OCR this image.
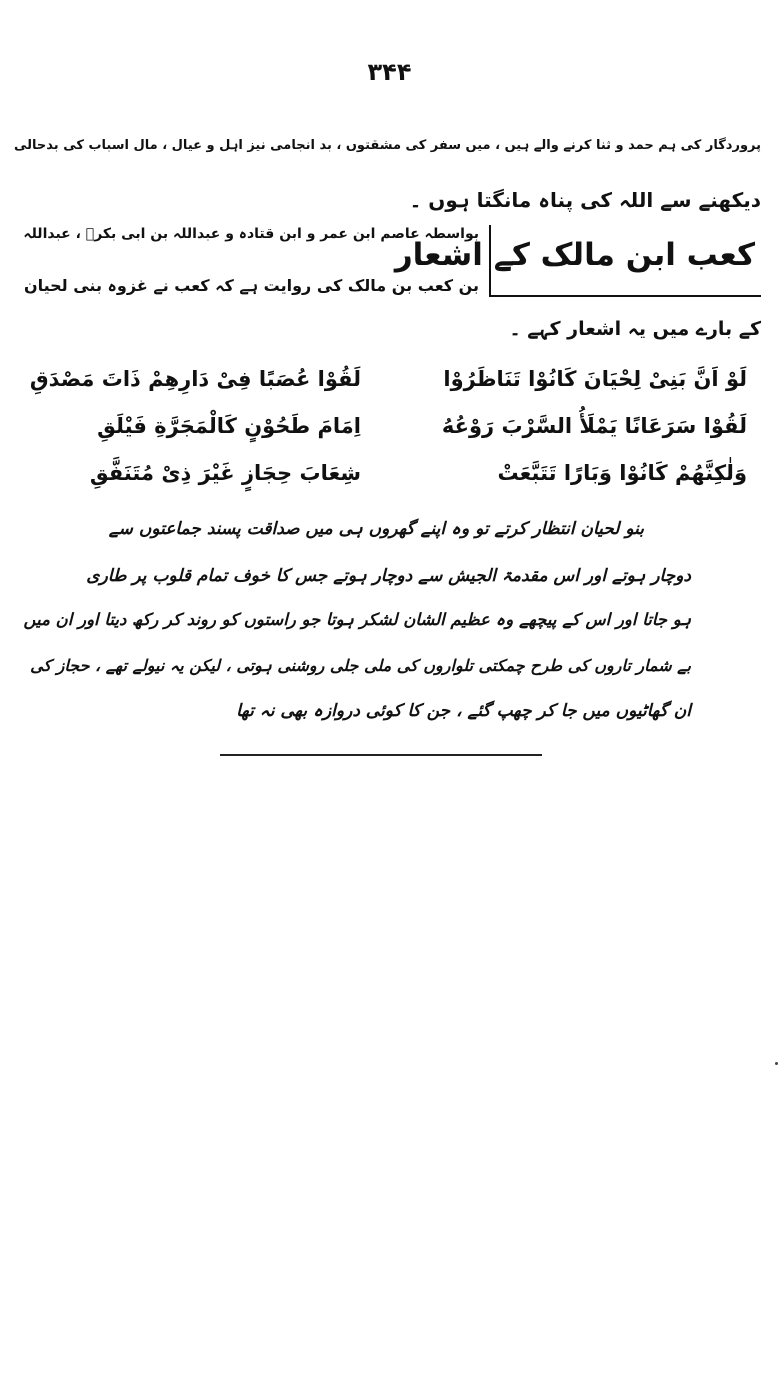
۳۴۴
پروردگار کی ہم حمد و ثنا کرنے والے ہیں ، میں سفر کی مشقتوں ، بد انجامی نیز اہل و عیال ، مال اسباب کی بدحالی
دیکھنے سے اللہ کی پناہ مانگتا ہوں ۔
کعب ابن مالک کے اشعار
بواسطہ عاصم ابن عمر و ابن قتادہ و عبداللہ بن ابی بکرؓ ، عبداللہ
بن کعب بن مالک کی روایت ہے کہ کعب نے غزوہ بنی لحیان
کے بارے میں یہ اشعار کہے ۔
لَوْ اَنَّ بَنِیْ لِحْیَانَ کَانُوْا تَنَاظَرُوْا
لَقُوْا عُصَبًا فِیْ دَارِهِمْ ذَاتَ مَصْدَقِ
لَقُوْا سَرَعَانًا یَمْلَأُ السَّرْبَ رَوْعُهُ
اِمَامَ طَحُوْنٍ کَالْمَجَرَّةِ فَیْلَقِ
وَلٰكِنَّهُمْ كَانُوْا وَبَارًا تَتَبَّعَتْ
شِعَابَ حِجَازٍ غَیْرَ ذِیْ مُتَنَفَّقِ
بنو لحیان انتظار کرتے تو وہ اپنے گھروں ہی میں صداقت پسند جماعتوں سے
دوچار ہوتے اور اس مقدمۃ الجیش سے دوچار ہوتے جس کا خوف تمام قلوب پر طاری
ہو جاتا اور اس کے پیچھے وہ عظیم الشان لشکر ہوتا جو راستوں کو روند کر رکھ دیتا اور ان میں
بے شمار تاروں کی طرح چمکتی تلواروں کی ملی جلی روشنی ہوتی ، لیکن یہ نیولے تھے ، حجاز کی
ان گھاٹیوں میں جا کر چھپ گئے ، جن کا کوئی دروازہ بھی نہ تھا
